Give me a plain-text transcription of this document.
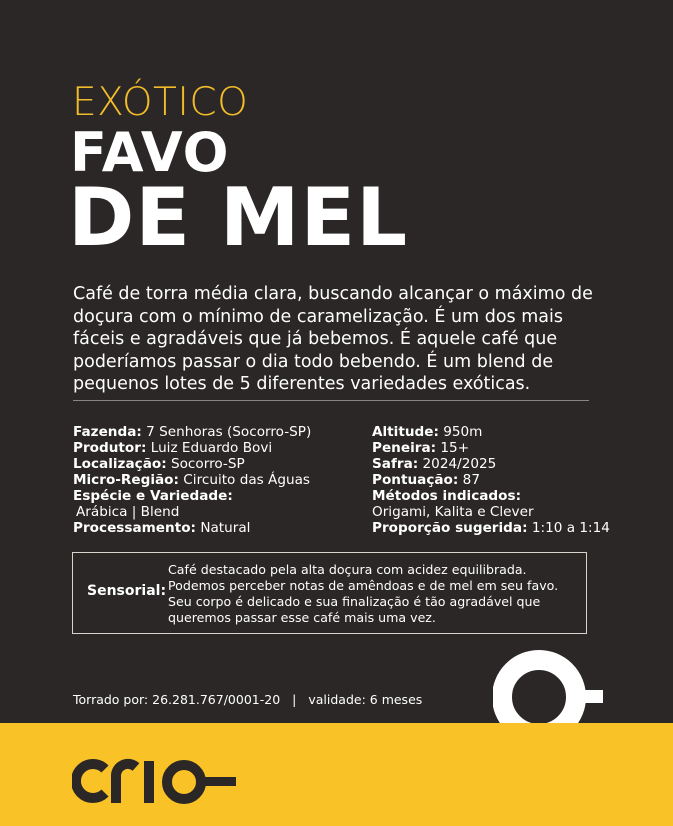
EXÓTICO
FAVO
DE MEL
Café de torra média clara, buscando alcançar o máximo de doçura com o mínimo de caramelização. É um dos mais fáceis e agradáveis que já bebemos. É aquele café que poderíamos passar o dia todo bebendo. É um blend de pequenos lotes de 5 diferentes variedades exóticas.
Fazenda: 7 Senhoras (Socorro-SP)
Produtor: Luiz Eduardo Bovi
Localização: Socorro-SP
Micro-Região: Circuito das Águas
Espécie e Variedade:
Arábica | Blend
Processamento: Natural
Altitude: 950m
Peneira: 15+
Safra: 2024/2025
Pontuação: 87
Métodos indicados:
Origami, Kalita e Clever
Proporção sugerida: 1:10 a 1:14
Sensorial:
Café destacado pela alta doçura com acidez equilibrada. Podemos perceber notas de amêndoas e de mel em seu favo. Seu corpo é delicado e sua finalização é tão agradável que queremos passar esse café mais uma vez.
Torrado por: 26.281.767/0001-20 | validade: 6 meses
